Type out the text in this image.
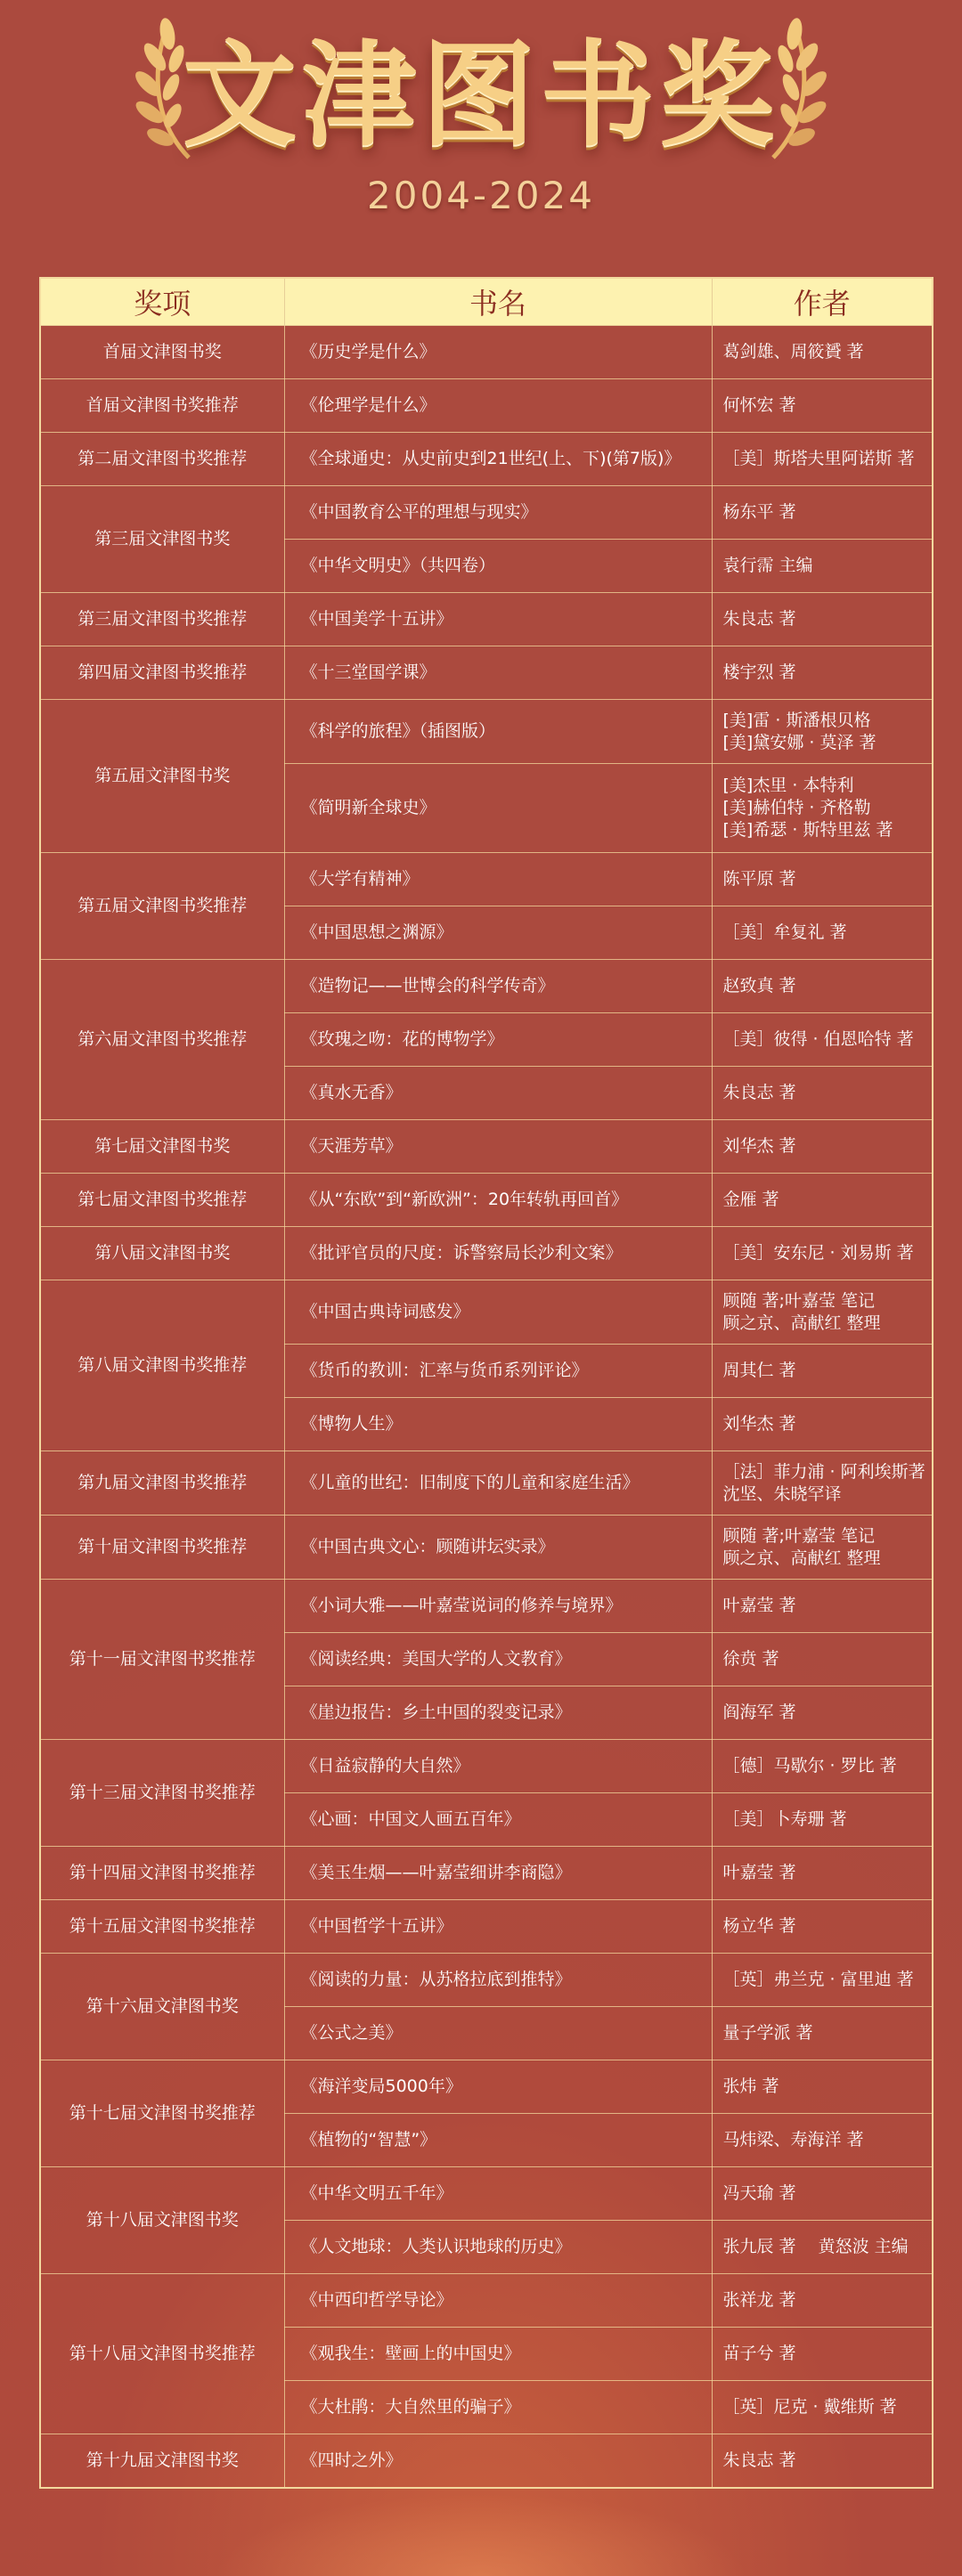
文津图书奖
2004-2024
奖项	书名	作者
首届文津图书奖	《历史学是什么》	葛剑雄、周筱贇 著

首届文津图书奖推荐	《伦理学是什么》	何怀宏 著

第二届文津图书奖推荐	《全球通史：从史前史到21世纪(上、下)(第7版)》	［美］斯塔夫里阿诺斯 著

第三届文津图书奖	《中国教育公平的理想与现实》	杨东平 著

	《中华文明史》（共四卷）	袁行霈 主编

第三届文津图书奖推荐	《中国美学十五讲》	朱良志 著

第四届文津图书奖推荐	《十三堂国学课》	楼宇烈 著

第五届文津图书奖	《科学的旅程》（插图版）	[美]雷 · 斯潘根贝格
[美]黛安娜 · 莫泽 著

	《简明新全球史》	[美]杰里 · 本特利
[美]赫伯特 · 齐格勒
[美]希瑟 · 斯特里兹 著

第五届文津图书奖推荐	《大学有精神》	陈平原 著

	《中国思想之渊源》	［美］牟复礼 著

第六届文津图书奖推荐	《造物记——世博会的科学传奇》	赵致真 著

	《玫瑰之吻：花的博物学》	［美］彼得 · 伯恩哈特 著

	《真水无香》	朱良志 著

第七届文津图书奖	《天涯芳草》	刘华杰 著

第七届文津图书奖推荐	《从“东欧”到“新欧洲”：20年转轨再回首》	金雁 著

第八届文津图书奖	《批评官员的尺度：诉警察局长沙利文案》	［美］安东尼 · 刘易斯 著

第八届文津图书奖推荐	《中国古典诗词感发》	顾随 著;叶嘉莹 笔记
顾之京、高献红 整理

	《货币的教训：汇率与货币系列评论》	周其仁 著

	《博物人生》	刘华杰 著

第九届文津图书奖推荐	《儿童的世纪：旧制度下的儿童和家庭生活》	［法］菲力浦 · 阿利埃斯著
沈坚、朱晓罕译

第十届文津图书奖推荐	《中国古典文心：顾随讲坛实录》	顾随 著;叶嘉莹 笔记
顾之京、高献红 整理

第十一届文津图书奖推荐	《小词大雅——叶嘉莹说词的修养与境界》	叶嘉莹 著

	《阅读经典：美国大学的人文教育》	徐贲 著

	《崖边报告：乡土中国的裂变记录》	阎海军 著

第十三届文津图书奖推荐	《日益寂静的大自然》	［德］马歇尔 · 罗比 著

	《心画：中国文人画五百年》	［美］卜寿珊 著

第十四届文津图书奖推荐	《美玉生烟——叶嘉莹细讲李商隐》	叶嘉莹 著

第十五届文津图书奖推荐	《中国哲学十五讲》	杨立华 著

第十六届文津图书奖	《阅读的力量：从苏格拉底到推特》	［英］弗兰克 · 富里迪 著

	《公式之美》	量子学派 著

第十七届文津图书奖推荐	《海洋变局5000年》	张炜 著

	《植物的“智慧”》	马炜梁、寿海洋 著

第十八届文津图书奖	《中华文明五千年》	冯天瑜 著

	《人文地球：人类认识地球的历史》	张九辰 著　 黄怒波 主编

第十八届文津图书奖推荐	《中西印哲学导论》	张祥龙 著

	《观我生：壁画上的中国史》	苗子兮 著

	《大杜鹃：大自然里的骗子》	［英］尼克 · 戴维斯 著

第十九届文津图书奖	《四时之外》	朱良志 著
